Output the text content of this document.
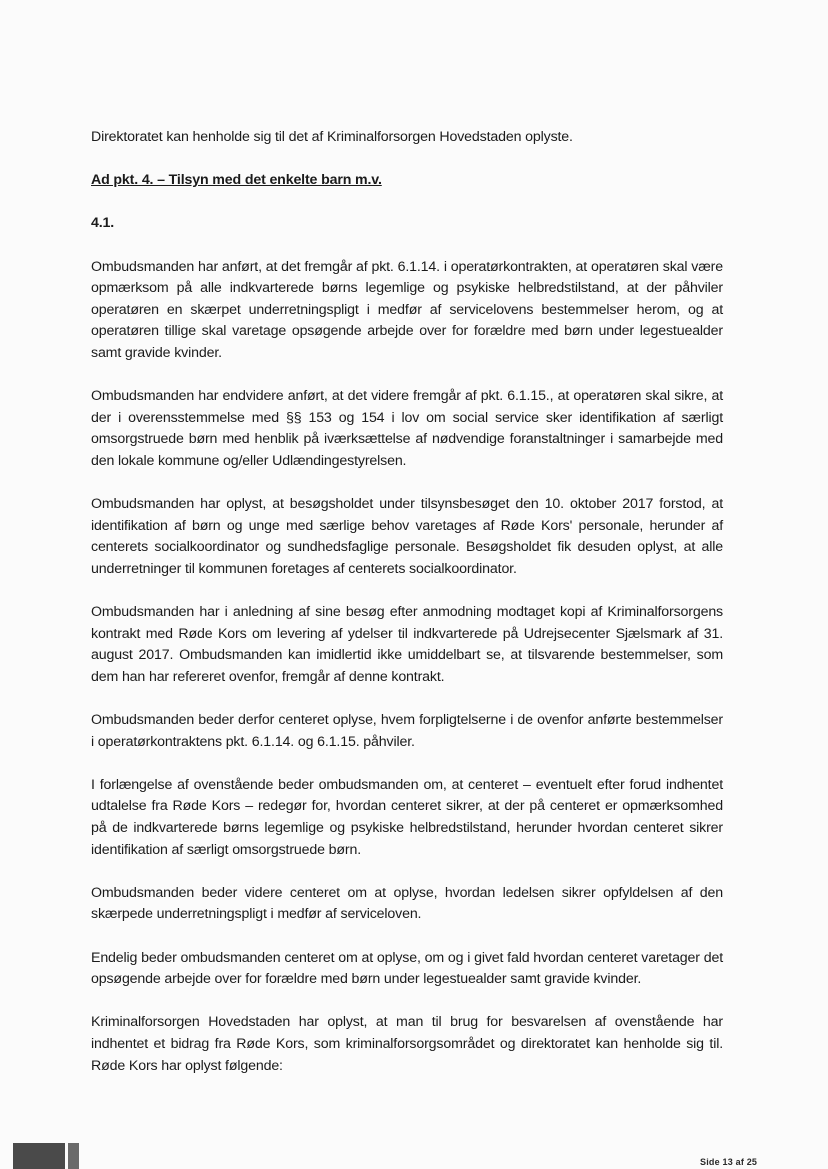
Direktoratet kan henholde sig til det af Kriminalforsorgen Hovedstaden oplyste.

Ad pkt. 4. – Tilsyn med det enkelte barn m.v.

4.1.

Ombudsmanden har anført, at det fremgår af pkt. 6.1.14. i operatørkontrakten, at operatøren skal være opmærksom på alle indkvarterede børns legemlige og psykiske helbredstilstand, at der påhviler operatøren en skærpet underretningspligt i medfør af servicelovens bestemmelser herom, og at operatøren tillige skal varetage opsøgende arbejde over for forældre med børn under legestuealder samt gravide kvinder.

Ombudsmanden har endvidere anført, at det videre fremgår af pkt. 6.1.15., at operatøren skal sikre, at der i overensstemmelse med §§ 153 og 154 i lov om social service sker identifikation af særligt omsorgstruede børn med henblik på iværksættelse af nødvendige foranstaltninger i samarbejde med den lokale kommune og/eller Udlændingestyrelsen.

Ombudsmanden har oplyst, at besøgsholdet under tilsynsbesøget den 10. oktober 2017 forstod, at identifikation af børn og unge med særlige behov varetages af Røde Kors' personale, herunder af centerets socialkoordinator og sundhedsfaglige personale. Besøgsholdet fik desuden oplyst, at alle underretninger til kommunen foretages af centerets socialkoordinator.

Ombudsmanden har i anledning af sine besøg efter anmodning modtaget kopi af Kriminalforsorgens kontrakt med Røde Kors om levering af ydelser til indkvarterede på Udrejsecenter Sjælsmark af 31. august 2017. Ombudsmanden kan imidlertid ikke umiddelbart se, at tilsvarende bestemmelser, som dem han har refereret ovenfor, fremgår af denne kontrakt.

Ombudsmanden beder derfor centeret oplyse, hvem forpligtelserne i de ovenfor anførte bestemmelser i operatørkontraktens pkt. 6.1.14. og 6.1.15. påhviler.

I forlængelse af ovenstående beder ombudsmanden om, at centeret – eventuelt efter forud indhentet udtalelse fra Røde Kors – redegør for, hvordan centeret sikrer, at der på centeret er opmærksomhed på de indkvarterede børns legemlige og psykiske helbredstilstand, herunder hvordan centeret sikrer identifikation af særligt omsorgstruede børn.

Ombudsmanden beder videre centeret om at oplyse, hvordan ledelsen sikrer opfyldelsen af den skærpede underretningspligt i medfør af serviceloven.

Endelig beder ombudsmanden centeret om at oplyse, om og i givet fald hvordan centeret varetager det opsøgende arbejde over for forældre med børn under legestuealder samt gravide kvinder.

Kriminalforsorgen Hovedstaden har oplyst, at man til brug for besvarelsen af ovenstående har indhentet et bidrag fra Røde Kors, som kriminalforsorgsområdet og direktoratet kan henholde sig til. Røde Kors har oplyst følgende:

Side 13 af 25
